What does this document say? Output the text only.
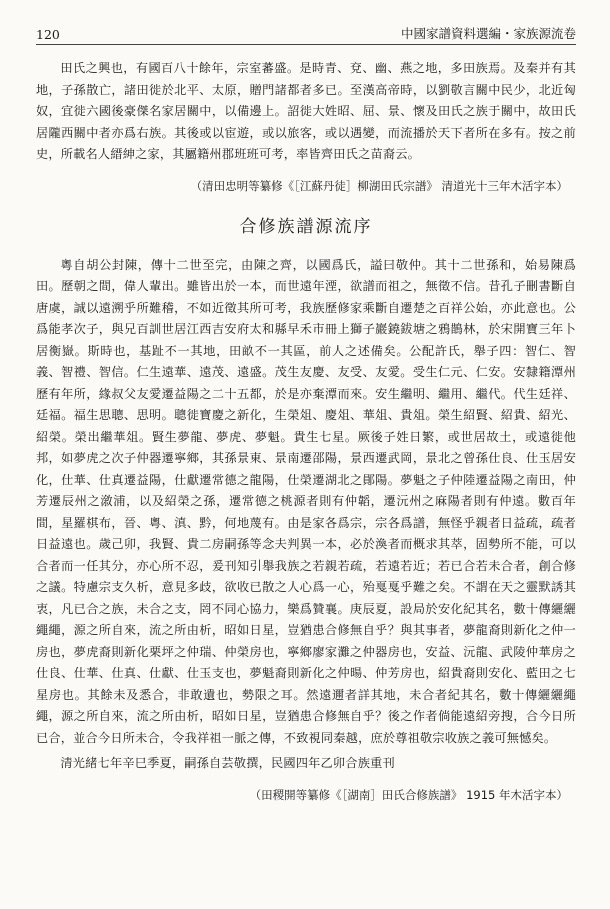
120	中國家譜資料選編・家族源流卷

田氏之興也，有國百八十餘年，宗室蕃盛。是時青、兗、幽、燕之地，多田族焉。及秦并有其地，子孫散亡，諸田徙於北平、太原，贈門諸都者多已。至漢高帝時，以劉敬言關中民少，北近匈奴，宜徙六國後豪傑名家居關中，以備邊上。詔徙大姓昭、屈、景、懷及田氏之族于關中，故田氏居隴西關中者亦爲右族。其後或以宦遊，或以旅客，或以遇變，而流播於天下者所在多有。按之前史，所載名人縉紳之家，其屬籍州郡班班可考，率皆齊田氏之苗裔云。

（清田忠明等纂修《［江蘇丹徒］柳湖田氏宗譜》 清道光十三年木活字本）
合修族譜源流序

粵自胡公封陳，傳十二世至完，由陳之齊，以國爲氏，謚曰敬仲。其十二世孫和，始易陳爲田。歷朝之間，偉人輩出。雖皆出於一本，而世遠年湮，欲譜而祖之，無徵不信。昔孔子刪書斷自唐虞，誠以遠溯乎所難稽，不如近徵其所可考，我族歷修家乘斷自遷楚之百祥公始，亦此意也。公爲能孝次子，與兄百訓世居江西吉安府太和縣早禾市冊上獅子巖鐃鈸塘之鴉鵲林，於宋開寶三年卜居衡嶽。斯時也，基趾不一其地，田畝不一其區，前人之述備矣。公配許氏，舉子四：智仁、智義、智禮、智信。仁生遠華、遠茂、遠盛。茂生友慶、友受、友愛。受生仁元、仁安。安隸籍潭州歷有年所，緣叔父友愛遷益陽之二十五都，於是亦棄潭而來。安生繼明、繼用、繼代。代生廷祥、廷福。福生思聰、思明。聰徙寶慶之新化，生榮俎、慶俎、華俎、貴俎。榮生紹賢、紹貴、紹光、紹榮。榮出繼華俎。賢生夢龍、夢虎、夢魁。貴生七星。厥後子姓日繁，或世居故土，或遠徙他邦，如夢虎之次子仲器遷寧鄉，其孫景東、景南遷邵陽，景西遷武岡，景北之曾孫仕良、仕玉居安化，仕華、仕真遷益陽，仕獻遷常德之龍陽，仕榮遷湖北之鄖陽。夢魁之子仲陸遷益陽之南田，仲芳遷辰州之漵浦，以及紹榮之孫，遷常德之桃源者則有仲韜，遷沅州之麻陽者則有仲遠。數百年間，星羅棋布，晉、粵、滇、黔，何地蔑有。由是家各爲宗，宗各爲譜，無怪乎親者日益疏，疏者日益遠也。歲己卯，我賢、貴二房嗣孫等念夫判異一本，必於渙者而概求其萃，固勢所不能，可以合者而一任其分，亦心所不忍，爰刊知引舉我族之若親若疏，若遠若近；若已合若未合者，創合修之議。特慮宗支久析，意見多歧，欲收已散之人心爲一心，殆戛戛乎難之矣。不謂在天之靈默誘其衷，凡已合之族，未合之支，罔不同心協力，樂爲贊襄。庚辰夏，設局於安化紀其名，數十傳纚纚繩繩，源之所自來，流之所由析，昭如日星，豈猶患合修無自乎？與其事者，夢龍裔則新化之仲一房也，夢虎裔則新化栗坪之仲瑞、仲榮房也，寧鄉廖家灘之仲器房也，安益、沅龍、武陵仲華房之仕良、仕華、仕真、仕獻、仕玉支也，夢魁裔則新化之仲暘、仲芳房也，紹貴裔則安化、藍田之七星房也。其餘未及悉合，非敢遺也，勢限之耳。然遠邇者詳其地，未合者紀其名，數十傳纚纚繩繩，源之所自來，流之所由析，昭如日星，豈猶患合修無自乎？後之作者倘能遠紹旁搜，合今日所已合，並合今日所未合，令我祥祖一脈之傳，不致視同秦越，庶於尊祖敬宗收族之義可無憾矣。

清光緒七年辛巳季夏，嗣孫自芸敬撰，民國四年乙卯合族重刊

（田稷開等纂修《［湖南］田氏合修族譜》 1915 年木活字本）
